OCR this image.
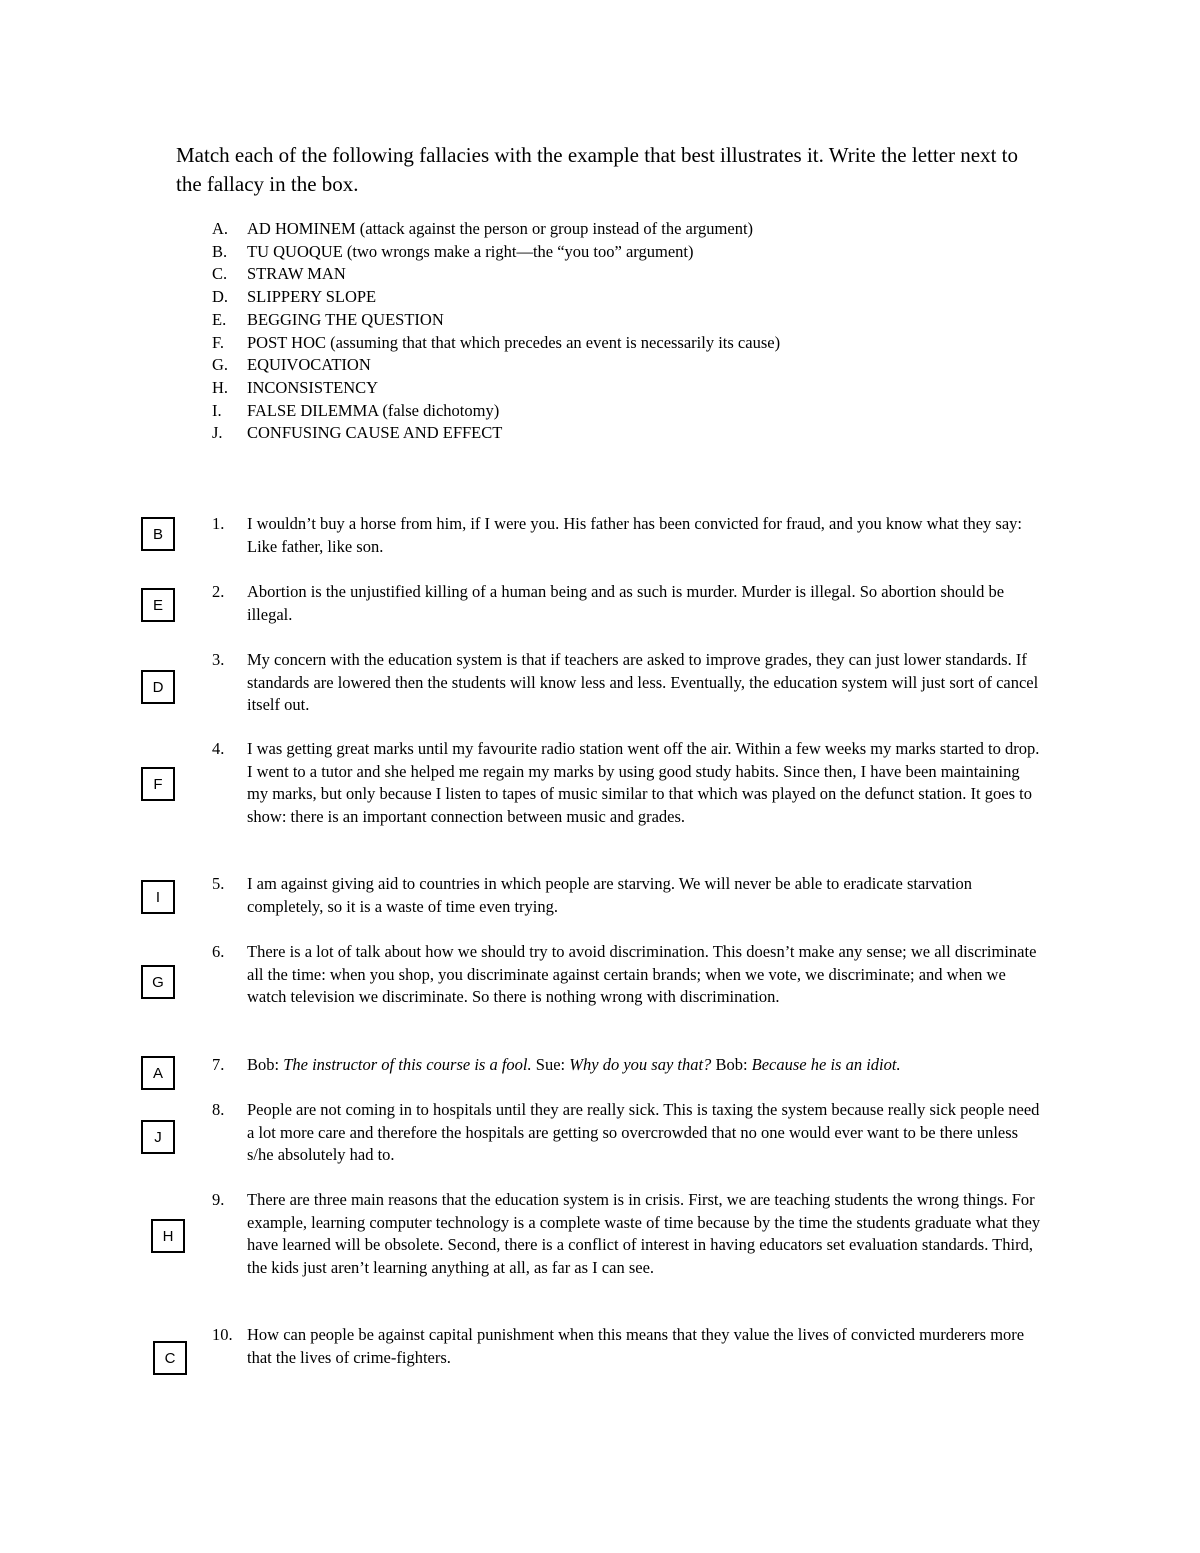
Match each of the following fallacies with the example that best illustrates it. Write the letter next to the fallacy in the box.

A.	AD HOMINEM (attack against the person or group instead of the argument)
B.	TU QUOQUE (two wrongs make a right—the “you too” argument)
C.	STRAW MAN
D.	SLIPPERY SLOPE
E.	BEGGING THE QUESTION
F.	POST HOC (assuming that that which precedes an event is necessarily its cause)
G.	EQUIVOCATION
H.	INCONSISTENCY
I.	FALSE DILEMMA (false dichotomy)
J.	CONFUSING CAUSE AND EFFECT
B
1.	I wouldn’t buy a horse from him, if I were you. His father has been convicted for fraud, and you know what they say: Like father, like son.
E
2.	Abortion is the unjustified killing of a human being and as such is murder. Murder is illegal. So abortion should be illegal.
D
3.	My concern with the education system is that if teachers are asked to improve grades, they can just lower standards. If standards are lowered then the students will know less and less. Eventually, the education system will just sort of cancel itself out.
F
4.	I was getting great marks until my favourite radio station went off the air. Within a few weeks my marks started to drop. I went to a tutor and she helped me regain my marks by using good study habits. Since then, I have been maintaining my marks, but only because I listen to tapes of music similar to that which was played on the defunct station. It goes to show: there is an important connection between music and grades.
I
5.	I am against giving aid to countries in which people are starving. We will never be able to eradicate starvation completely, so it is a waste of time even trying.
G
6.	There is a lot of talk about how we should try to avoid discrimination. This doesn’t make any sense; we all discriminate all the time: when you shop, you discriminate against certain brands; when we vote, we discriminate; and when we watch television we discriminate. So there is nothing wrong with discrimination.
A	7.	Bob: The instructor of this course is a fool. Sue: Why do you say that? Bob: Because he is an idiot.
J
8.	People are not coming in to hospitals until they are really sick. This is taxing the system because really sick people need a lot more care and therefore the hospitals are getting so overcrowded that no one would ever want to be there unless s/he absolutely had to.
H
9.	There are three main reasons that the education system is in crisis. First, we are teaching students the wrong things. For example, learning computer technology is a complete waste of time because by the time the students graduate what they have learned will be obsolete. Second, there is a conflict of interest in having educators set evaluation standards. Third, the kids just aren’t learning anything at all, as far as I can see.
C
10. How can people be against capital punishment when this means that they value the lives of convicted murderers more that the lives of crime-fighters.
